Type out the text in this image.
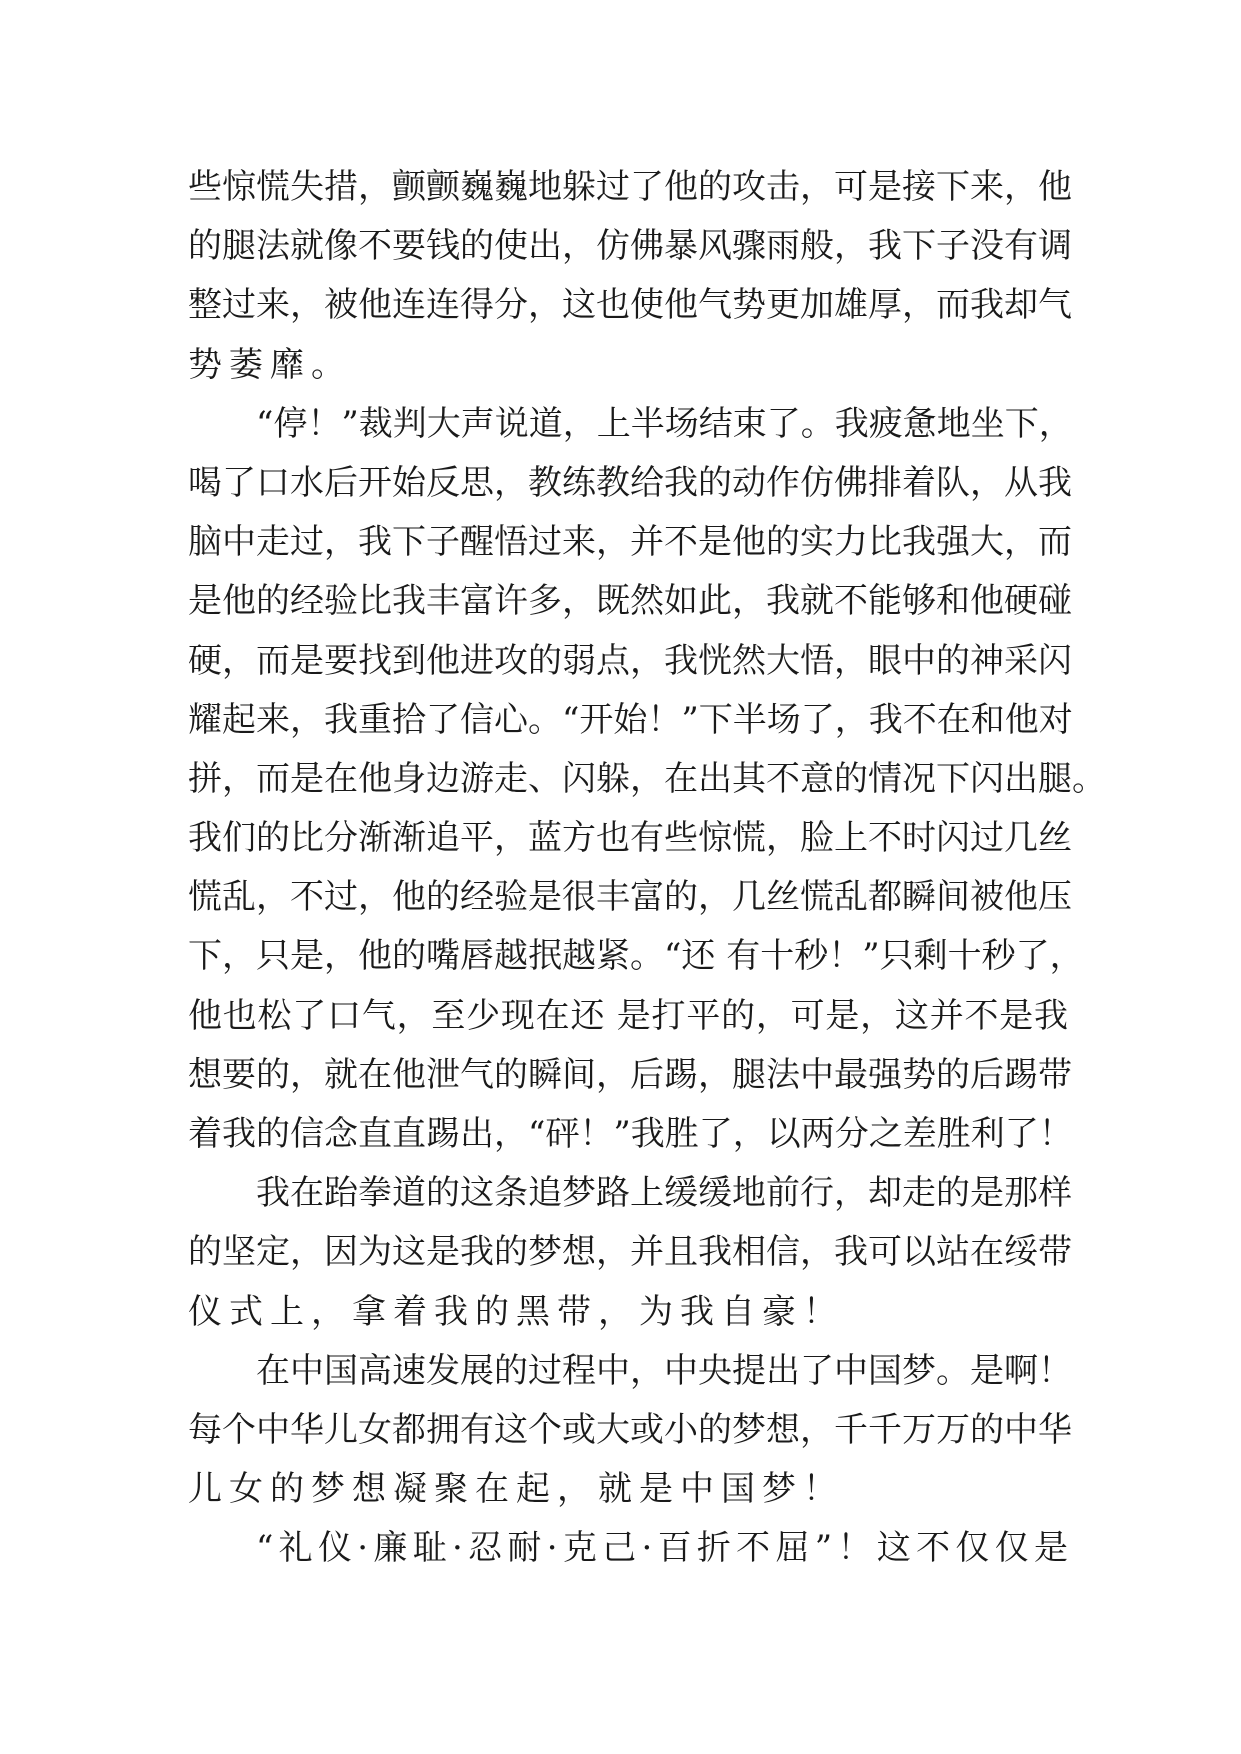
些惊慌失措，颤颤巍巍地躲过了他的攻击，可是接下来，他
的腿法就像不要钱的使出，仿佛暴风骤雨般，我下子没有调
整过来，被他连连得分，这也使他气势更加雄厚，而我却气
势萎靡。
“停！”裁判大声说道，上半场结束了。我疲惫地坐下，
喝了口水后开始反思，教练教给我的动作仿佛排着队，从我
脑中走过，我下子醒悟过来，并不是他的实力比我强大，而
是他的经验比我丰富许多，既然如此，我就不能够和他硬碰
硬，而是要找到他进攻的弱点，我恍然大悟，眼中的神采闪
耀起来，我重拾了信心。“开始！”下半场了，我不在和他对
拼，而是在他身边游走、闪躲，在出其不意的情况下闪出腿。
我们的比分渐渐追平，蓝方也有些惊慌，脸上不时闪过几丝
慌乱，不过，他的经验是很丰富的，几丝慌乱都瞬间被他压
下，只是，他的嘴唇越抿越紧。“还 有十秒！”只剩十秒了，
他也松了口气，至少现在还 是打平的，可是，这并不是我
想要的，就在他泄气的瞬间，后踢，腿法中最强势的后踢带
着我的信念直直踢出，“砰！”我胜了，以两分之差胜利了！
我在跆拳道的这条追梦路上缓缓地前行，却走的是那样
的坚定，因为这是我的梦想，并且我相信，我可以站在绥带
仪式上，拿着我的黑带，为我自豪！
在中国高速发展的过程中，中央提出了中国梦。是啊！
每个中华儿女都拥有这个或大或小的梦想，千千万万的中华
儿女的梦想凝聚在起，就是中国梦！
“礼仪·廉耻·忍耐·克己·百折不屈”！这不仅仅是
